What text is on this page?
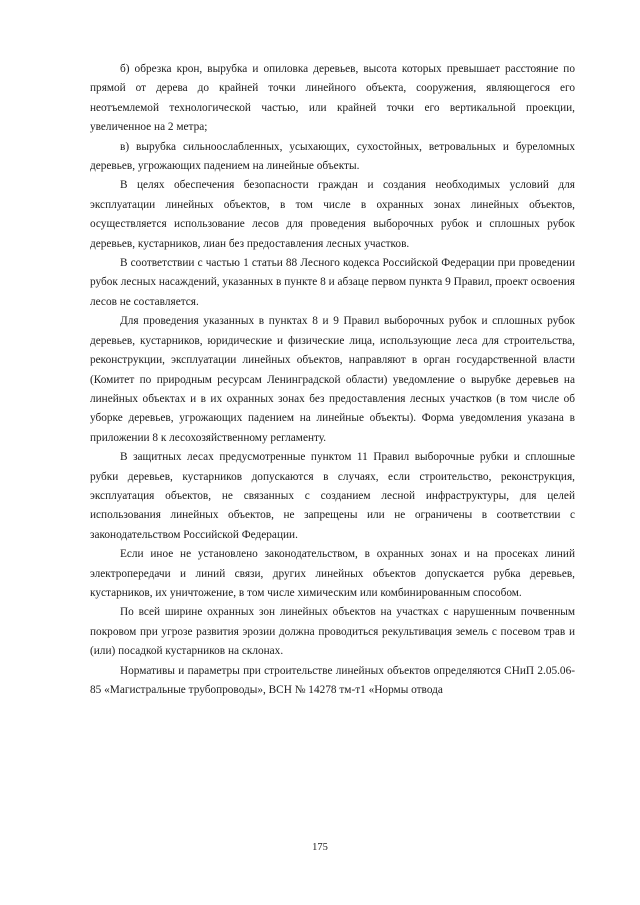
б) обрезка крон, вырубка и опиловка деревьев, высота которых превышает расстояние по прямой от дерева до крайней точки линейного объекта, сооружения, являющегося его неотъемлемой технологической частью, или крайней точки его вертикальной проекции, увеличенное на 2 метра;

в) вырубка сильноослабленных, усыхающих, сухостойных, ветровальных и буреломных деревьев, угрожающих падением на линейные объекты.

В целях обеспечения безопасности граждан и создания необходимых условий для эксплуатации линейных объектов, в том числе в охранных зонах линейных объектов, осуществляется использование лесов для проведения выборочных рубок и сплошных рубок деревьев, кустарников, лиан без предоставления лесных участков.

В соответствии с частью 1 статьи 88 Лесного кодекса Российской Федерации при проведении рубок лесных насаждений, указанных в пункте 8 и абзаце первом пункта 9 Правил, проект освоения лесов не составляется.

Для проведения указанных в пунктах 8 и 9 Правил выборочных рубок и сплошных рубок деревьев, кустарников, юридические и физические лица, использующие леса для строительства, реконструкции, эксплуатации линейных объектов, направляют в орган государственной власти (Комитет по природным ресурсам Ленинградской области) уведомление о вырубке деревьев на линейных объектах и в их охранных зонах без предоставления лесных участков (в том числе об уборке деревьев, угрожающих падением на линейные объекты). Форма уведомления указана в приложении 8 к лесохозяйственному регламенту.

В защитных лесах предусмотренные пунктом 11 Правил выборочные рубки и сплошные рубки деревьев, кустарников допускаются в случаях, если строительство, реконструкция, эксплуатация объектов, не связанных с созданием лесной инфраструктуры, для целей использования линейных объектов, не запрещены или не ограничены в соответствии с законодательством Российской Федерации.

Если иное не установлено законодательством, в охранных зонах и на просеках линий электропередачи и линий связи, других линейных объектов допускается рубка деревьев, кустарников, их уничтожение, в том числе химическим или комбинированным способом.

По всей ширине охранных зон линейных объектов на участках с нарушенным почвенным покровом при угрозе развития эрозии должна проводиться рекультивация земель с посевом трав и (или) посадкой кустарников на склонах.

Нормативы и параметры при строительстве линейных объектов определяются СНиП 2.05.06-85 «Магистральные трубопроводы», ВСН № 14278 тм-т1 «Нормы отвода

175
